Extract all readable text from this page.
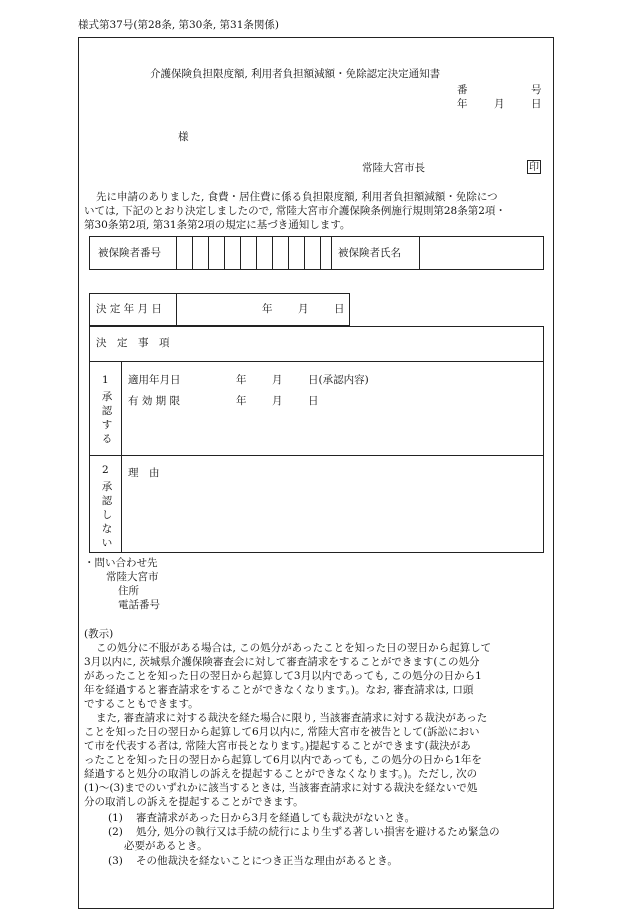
様式第37号(第28条, 第30条, 第31条関係)
介護保険負担限度額, 利用者負担額減額・免除認定決定通知書
番	号
年	月	日
様
常陸大宮市長	印
先に申請のありました, 食費・居住費に係る負担限度額, 利用者負担額減額・免除につ
いては, 下記のとおり決定しましたので, 常陸大宮市介護保険条例施行規則第28条第2項・
第30条第2項, 第31条第2項の規定に基づき通知します。
被保険者番号	被保険者氏名
決 定 年 月 日	年 月 日
決　定　事　項
1
承認する
適用年月日	年 月 日(承認内容)
有 効 期 限	年 月 日
2
承認しない
理　由
・問い合わせ先
常陸大宮市
住所
電話番号
(教示)
この処分に不服がある場合は, この処分があったことを知った日の翌日から起算して
3月以内に, 茨城県介護保険審査会に対して審査請求をすることができます(この処分
があったことを知った日の翌日から起算して3月以内であっても, この処分の日から1
年を経過すると審査請求をすることができなくなります。)。なお, 審査請求は, 口頭
ですることもできます。
また, 審査請求に対する裁決を経た場合に限り, 当該審査請求に対する裁決があった
ことを知った日の翌日から起算して6月以内に, 常陸大宮市を被告として(訴訟におい
て市を代表する者は, 常陸大宮市長となります。)提起することができます(裁決があ
ったことを知った日の翌日から起算して6月以内であっても, この処分の日から1年を
経過すると処分の取消しの訴えを提起することができなくなります。)。ただし, 次の
(1)～(3)までのいずれかに該当するときは, 当該審査請求に対する裁決を経ないで処
分の取消しの訴えを提起することができます。
(1) 審査請求があった日から3月を経過しても裁決がないとき。
(2) 処分, 処分の執行又は手続の続行により生ずる著しい損害を避けるため緊急の
必要があるとき。
(3) その他裁決を経ないことにつき正当な理由があるとき。
